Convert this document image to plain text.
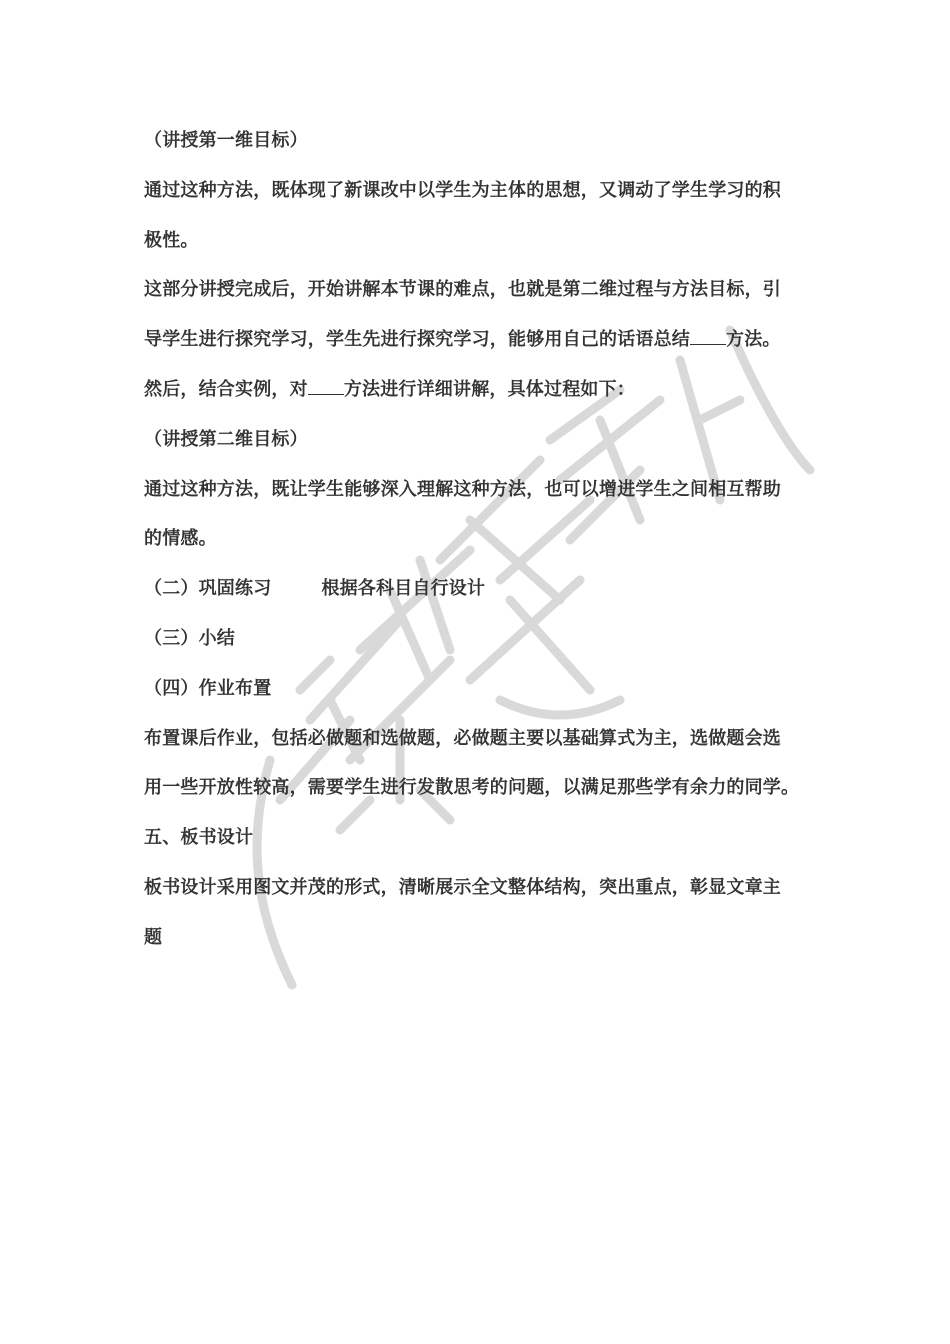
（讲授第一维目标）
通过这种方法，既体现了新课改中以学生为主体的思想，又调动了学生学习的积
极性。
这部分讲授完成后，开始讲解本节课的难点，也就是第二维过程与方法目标，引
导学生进行探究学习，学生先进行探究学习，能够用自己的话语总结 方法。
然后，结合实例，对 方法进行详细讲解，具体过程如下：
（讲授第二维目标）
通过这种方法，既让学生能够深入理解这种方法，也可以增进学生之间相互帮助
的情感。
（二）巩固练习	根据各科目自行设计
（三）小结
（四）作业布置
布置课后作业，包括必做题和选做题，必做题主要以基础算式为主，选做题会选
用一些开放性较高，需要学生进行发散思考的问题，以满足那些学有余力的同学。
五、板书设计
板书设计采用图文并茂的形式，清晰展示全文整体结构，突出重点，彰显文章主
题
